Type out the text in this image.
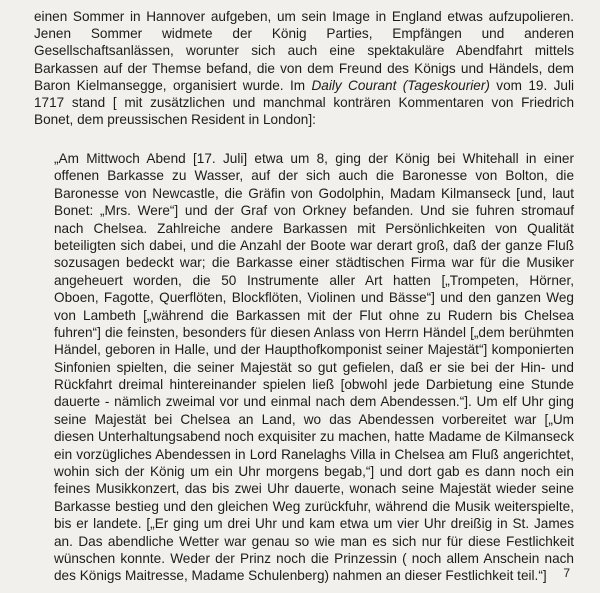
einen Sommer in Hannover aufgeben, um sein Image in England etwas aufzupolieren.
Jenen Sommer widmete der König Parties, Empfängen und anderen
Gesellschaftsanlässen, worunter sich auch eine spektakuläre Abendfahrt mittels
Barkassen auf der Themse befand, die von dem Freund des Königs und Händels, dem
Baron Kielmansegge, organisiert wurde. Im Daily Courant (Tageskourier) vom 19. Juli
1717 stand [ mit zusätzlichen und manchmal konträren Kommentaren von Friedrich
Bonet, dem preussischen Resident in London]:
„Am Mittwoch Abend [17. Juli] etwa um 8, ging der König bei Whitehall in einer
offenen Barkasse zu Wasser, auf der sich auch die Baronesse von Bolton, die
Baronesse von Newcastle, die Gräfin von Godolphin, Madam Kilmanseck [und, laut
Bonet: „Mrs. Were“] und der Graf von Orkney befanden. Und sie fuhren stromauf
nach Chelsea. Zahlreiche andere Barkassen mit Persönlichkeiten von Qualität
beteiligten sich dabei, und die Anzahl der Boote war derart groß, daß der ganze Fluß
sozusagen bedeckt war; die Barkasse einer städtischen Firma war für die Musiker
angeheuert worden, die 50 Instrumente aller Art hatten [„Trompeten, Hörner,
Oboen, Fagotte, Querflöten, Blockflöten, Violinen und Bässe“] und den ganzen Weg
von Lambeth [„während die Barkassen mit der Flut ohne zu Rudern bis Chelsea
fuhren“] die feinsten, besonders für diesen Anlass von Herrn Händel [„dem berühmten
Händel, geboren in Halle, und der Haupthofkomponist seiner Majestät“] komponierten
Sinfonien spielten, die seiner Majestät so gut gefielen, daß er sie bei der Hin- und
Rückfahrt dreimal hintereinander spielen ließ [obwohl jede Darbietung eine Stunde
dauerte - nämlich zweimal vor und einmal nach dem Abendessen.“]. Um elf Uhr ging
seine Majestät bei Chelsea an Land, wo das Abendessen vorbereitet war [„Um
diesen Unterhaltungsabend noch exquisiter zu machen, hatte Madame de Kilmanseck
ein vorzügliches Abendessen in Lord Ranelaghs Villa in Chelsea am Fluß angerichtet,
wohin sich der König um ein Uhr morgens begab,“] und dort gab es dann noch ein
feines Musikkonzert, das bis zwei Uhr dauerte, wonach seine Majestät wieder seine
Barkasse bestieg und den gleichen Weg zurückfuhr, während die Musik weiterspielte,
bis er landete. [„Er ging um drei Uhr und kam etwa um vier Uhr dreißig in St. James
an. Das abendliche Wetter war genau so wie man es sich nur für diese Festlichkeit
wünschen konnte. Weder der Prinz noch die Prinzessin ( noch allem Anschein nach
des Königs Maitresse, Madame Schulenberg) nahmen an dieser Festlichkeit teil.“]	7
